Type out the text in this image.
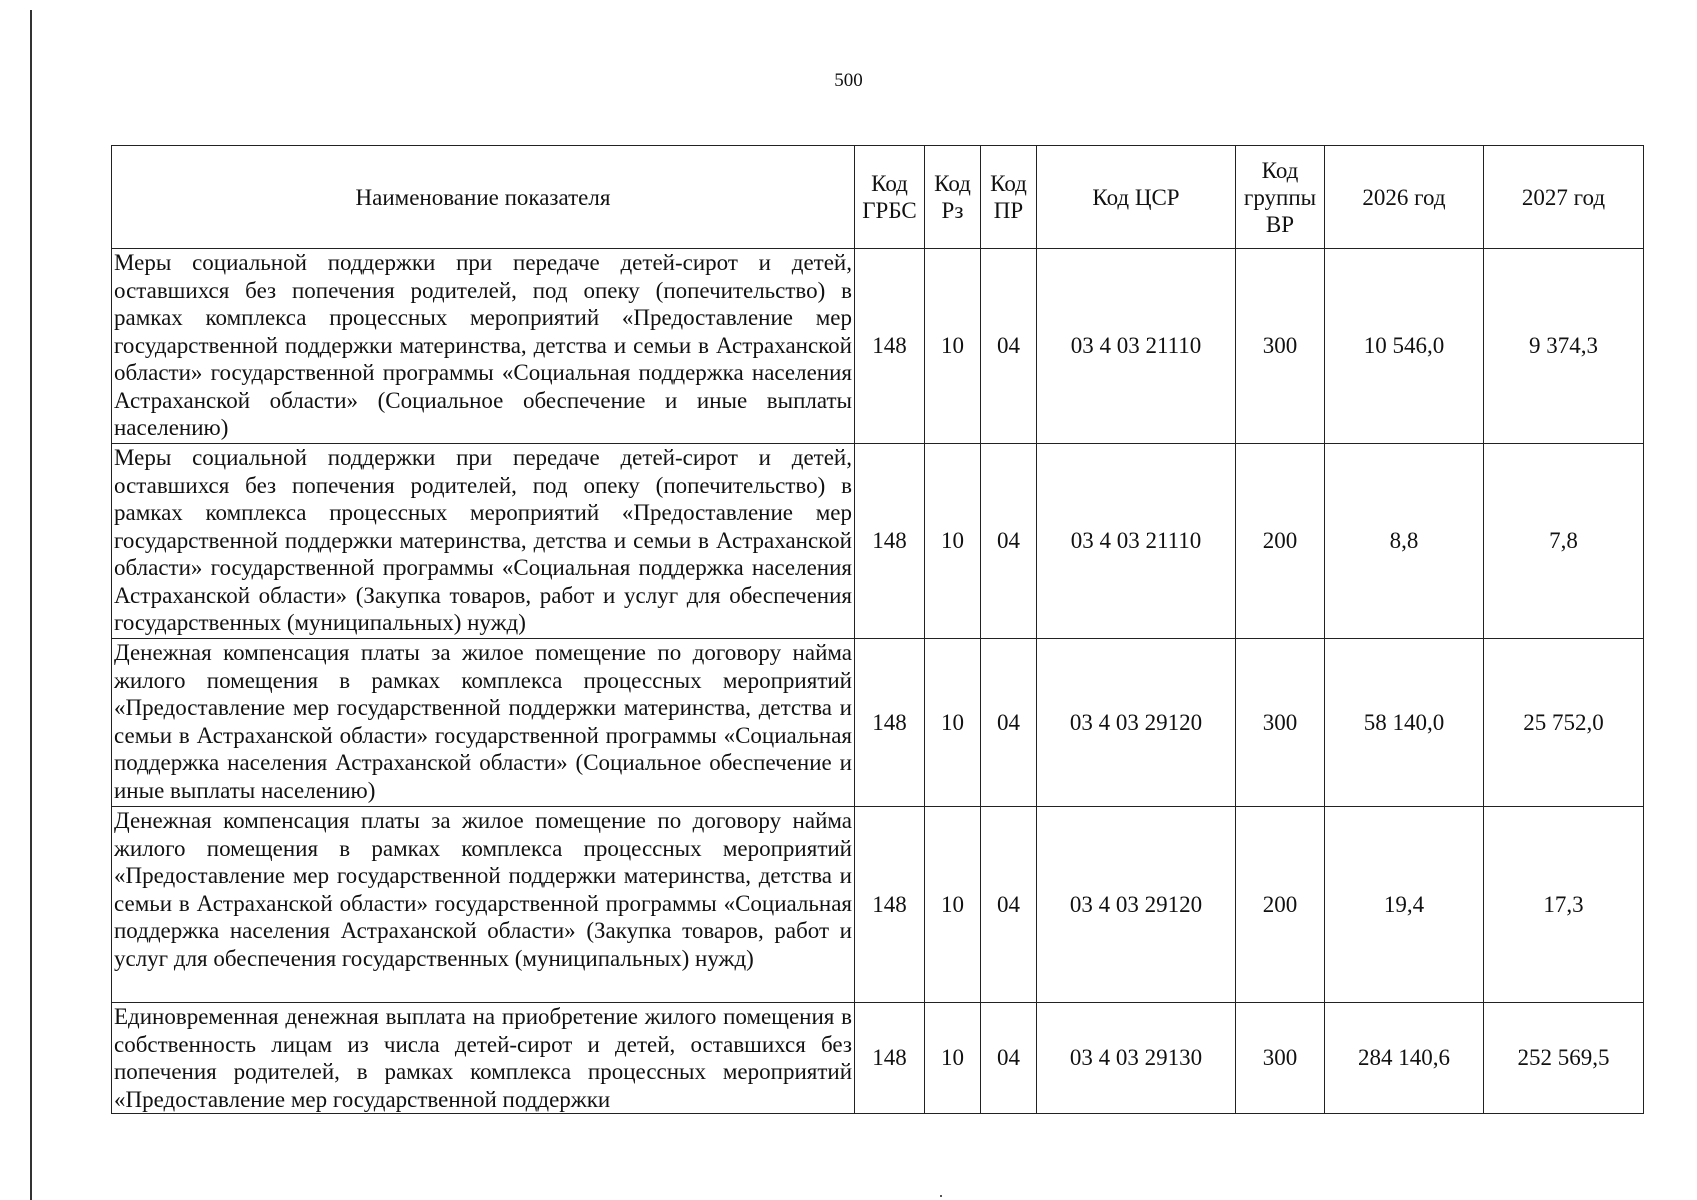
500
Наименование показателя	Код ГРБС	Код Рз	Код ПР	Код ЦСР	Код группы ВР	2026 год	2027 год
Меры социальной поддержки при передаче детей-сирот и детей, оставшихся без попечения родителей, под опеку (попечительство) в рамках комплекса процессных мероприятий «Предоставление мер государственной поддержки материнства, детства и семьи в Астраханской области» государственной программы «Социальная поддержка населения Астраханской области» (Социальное обеспечение и иные выплаты населению)	148	10	04	03 4 03 21110	300	10 546,0	9 374,3
Меры социальной поддержки при передаче детей-сирот и детей, оставшихся без попечения родителей, под опеку (попечительство) в рамках комплекса процессных мероприятий «Предоставление мер государственной поддержки материнства, детства и семьи в Астраханской области» государственной программы «Социальная поддержка населения Астраханской области» (Закупка товаров, работ и услуг для обеспечения государственных (муниципальных) нужд)	148	10	04	03 4 03 21110	200	8,8	7,8
Денежная компенсация платы за жилое помещение по договору найма жилого помещения в рамках комплекса процессных мероприятий «Предоставление мер государственной поддержки материнства, детства и семьи в Астраханской области» государственной программы «Социальная поддержка населения Астраханской области» (Социальное обеспечение и иные выплаты населению)	148	10	04	03 4 03 29120	300	58 140,0	25 752,0
Денежная компенсация платы за жилое помещение по договору найма жилого помещения в рамках комплекса процессных мероприятий «Предоставление мер государственной поддержки материнства, детства и семьи в Астраханской области» государственной программы «Социальная поддержка населения Астраханской области» (Закупка товаров, работ и услуг для обеспечения государственных (муниципальных) нужд)	148	10	04	03 4 03 29120	200	19,4	17,3
Единовременная денежная выплата на приобретение жилого помещения в собственность лицам из числа детей-сирот и детей, оставшихся без попечения родителей, в рамках комплекса процессных мероприятий «Предоставление мер государственной поддержки	148	10	04	03 4 03 29130	300	284 140,6	252 569,5
